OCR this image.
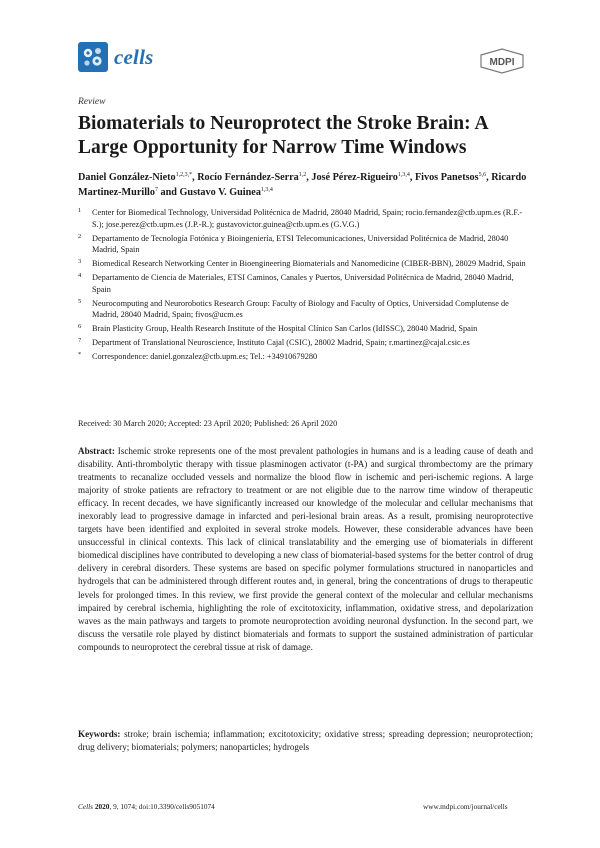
cells	MDPI
Review
Biomaterials to Neuroprotect the Stroke Brain: A Large Opportunity for Narrow Time Windows
Daniel González-Nieto$^{1,2,3,*}$, Rocío Fernández-Serra$^{1,2}$, José Pérez-Rigueiro$^{1,3,4}$, Fivos Panetsos$^{5,6}$, Ricardo Martinez-Murillo$^7$ and Gustavo V. Guinea$^{1,3,4}$
1 Center for Biomedical Technology, Universidad Politécnica de Madrid, 28040 Madrid, Spain; rocio.fernandez@ctb.upm.es (R.F.-S.); jose.perez@ctb.upm.es (J.P.-R.); gustavovictor.guinea@ctb.upm.es (G.V.G.)
2 Departamento de Tecnología Fotónica y Bioingeniería, ETSI Telecomunicaciones, Universidad Politécnica de Madrid, 28040 Madrid, Spain
3 Biomedical Research Networking Center in Bioengineering Biomaterials and Nanomedicine (CIBER-BBN), 28029 Madrid, Spain
4 Departamento de Ciencia de Materiales, ETSI Caminos, Canales y Puertos, Universidad Politécnica de Madrid, 28040 Madrid, Spain
5 Neurocomputing and Neurorobotics Research Group: Faculty of Biology and Faculty of Optics, Universidad Complutense de Madrid, 28040 Madrid, Spain; fivos@ucm.es
6 Brain Plasticity Group, Health Research Institute of the Hospital Clínico San Carlos (IdISSC), 28040 Madrid, Spain
7 Department of Translational Neuroscience, Instituto Cajal (CSIC), 28002 Madrid, Spain; r.martinez@cajal.csic.es
* Correspondence: daniel.gonzalez@ctb.upm.es; Tel.: +34910679280
Received: 30 March 2020; Accepted: 23 April 2020; Published: 26 April 2020

Abstract: Ischemic stroke represents one of the most prevalent pathologies in humans and is a leading cause of death and disability. Anti-thrombolytic therapy with tissue plasminogen activator (t-PA) and surgical thrombectomy are the primary treatments to recanalize occluded vessels and normalize the blood flow in ischemic and peri-ischemic regions. A large majority of stroke patients are refractory to treatment or are not eligible due to the narrow time window of therapeutic efficacy. In recent decades, we have significantly increased our knowledge of the molecular and cellular mechanisms that inexorably lead to progressive damage in infarcted and peri-lesional brain areas. As a result, promising neuroprotective targets have been identified and exploited in several stroke models. However, these considerable advances have been unsuccessful in clinical contexts. This lack of clinical translatability and the emerging use of biomaterials in different biomedical disciplines have contributed to developing a new class of biomaterial-based systems for the better control of drug delivery in cerebral disorders. These systems are based on specific polymer formulations structured in nanoparticles and hydrogels that can be administered through different routes and, in general, bring the concentrations of drugs to therapeutic levels for prolonged times. In this review, we first provide the general context of the molecular and cellular mechanisms impaired by cerebral ischemia, highlighting the role of excitotoxicity, inflammation, oxidative stress, and depolarization waves as the main pathways and targets to promote neuroprotection avoiding neuronal dysfunction. In the second part, we discuss the versatile role played by distinct biomaterials and formats to support the sustained administration of particular compounds to neuroprotect the cerebral tissue at risk of damage.

Keywords: stroke; brain ischemia; inflammation; excitotoxicity; oxidative stress; spreading depression; neuroprotection; drug delivery; biomaterials; polymers; nanoparticles; hydrogels

Cells 2020, 9, 1074; doi:10.3390/cells9051074	www.mdpi.com/journal/cells
